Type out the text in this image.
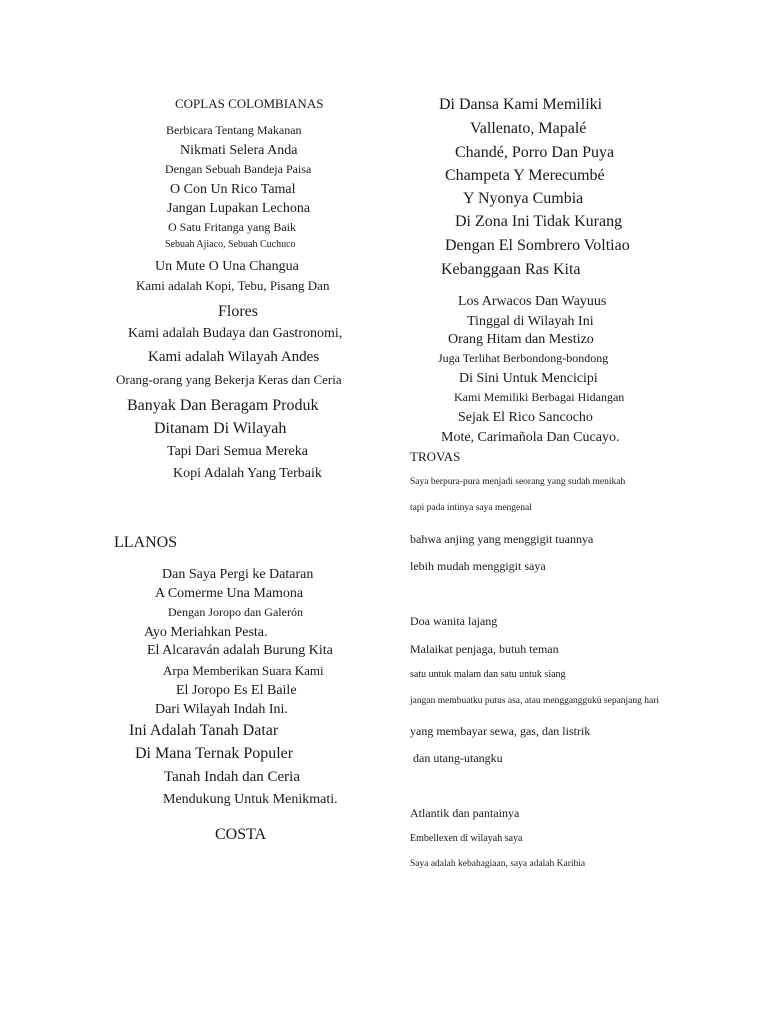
COPLAS COLOMBIANAS
Berbicara Tentang Makanan
Nikmati Selera Anda
Dengan Sebuah Bandeja Paisa
O Con Un Rico Tamal
Jangan Lupakan Lechona
O Satu Fritanga yang Baik
Sebuah Ajiaco, Sebuah Cuchuco
Un Mute O Una Changua
Kami adalah Kopi, Tebu, Pisang Dan
Flores
Kami adalah Budaya dan Gastronomi,
Kami adalah Wilayah Andes
Orang-orang yang Bekerja Keras dan Ceria
Banyak Dan Beragam Produk
Ditanam Di Wilayah
Tapi Dari Semua Mereka
Kopi Adalah Yang Terbaik
LLANOS
Dan Saya Pergi ke Dataran
A Comerme Una Mamona
Dengan Joropo dan Galerón
Ayo Meriahkan Pesta.
El Alcaraván adalah Burung Kita
Arpa Memberikan Suara Kami
El Joropo Es El Baile
Dari Wilayah Indah Ini.
Ini Adalah Tanah Datar
Di Mana Ternak Populer
Tanah Indah dan Ceria
Mendukung Untuk Menikmati.
COSTA
Di Dansa Kami Memiliki
Vallenato, Mapalé
Chandé, Porro Dan Puya
Champeta Y Merecumbé
Y Nyonya Cumbia
Di Zona Ini Tidak Kurang
Dengan El Sombrero Voltiao
Kebanggaan Ras Kita
Los Arwacos Dan Wayuus
Tinggal di Wilayah Ini
Orang Hitam dan Mestizo
Juga Terlihat Berbondong-bondong
Di Sini Untuk Mencicipi
Kami Memiliki Berbagai Hidangan
Sejak El Rico Sancocho
Mote, Carimañola Dan Cucayo.
TROVAS
Saya berpura-pura menjadi seorang yang sudah menikah
tapi pada intinya saya mengenal
bahwa anjing yang menggigit tuannya
lebih mudah menggigit saya
Doa wanita lajang
Malaikat penjaga, butuh teman
satu untuk malam dan satu untuk siang
jangan membuatku putus asa, atau mengganggukü sepanjang hari
yang membayar sewa, gas, dan listrik
dan utang-utangku
Atlantik dan pantainya
Embellexen di wilayah saya
Saya adalah kebahagiaan, saya adalah Karibia
